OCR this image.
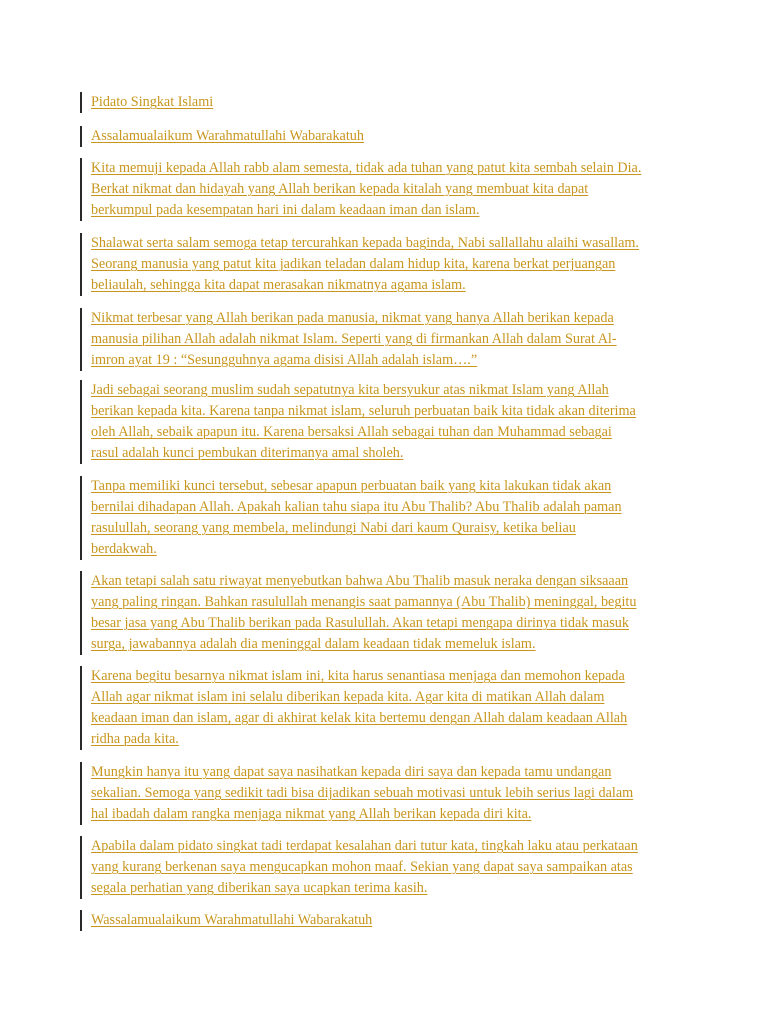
Pidato Singkat Islami
Assalamualaikum Warahmatullahi Wabarakatuh
Kita memuji kepada Allah rabb alam semesta, tidak ada tuhan yang patut kita sembah selain Dia.
Berkat nikmat dan hidayah yang Allah berikan kepada kitalah yang membuat kita dapat
berkumpul pada kesempatan hari ini dalam keadaan iman dan islam.
Shalawat serta salam semoga tetap tercurahkan kepada baginda, Nabi sallallahu alaihi wasallam.
Seorang manusia yang patut kita jadikan teladan dalam hidup kita, karena berkat perjuangan
beliaulah, sehingga kita dapat merasakan nikmatnya agama islam.
Nikmat terbesar yang Allah berikan pada manusia, nikmat yang hanya Allah berikan kepada
manusia pilihan Allah adalah nikmat Islam. Seperti yang di firmankan Allah dalam Surat Al-
imron ayat 19 : “Sesungguhnya agama disisi Allah adalah islam….”
Jadi sebagai seorang muslim sudah sepatutnya kita bersyukur atas nikmat Islam yang Allah
berikan kepada kita. Karena tanpa nikmat islam, seluruh perbuatan baik kita tidak akan diterima
oleh Allah, sebaik apapun itu. Karena bersaksi Allah sebagai tuhan dan Muhammad sebagai
rasul adalah kunci pembukan diterimanya amal sholeh.
Tanpa memiliki kunci tersebut, sebesar apapun perbuatan baik yang kita lakukan tidak akan
bernilai dihadapan Allah. Apakah kalian tahu siapa itu Abu Thalib? Abu Thalib adalah paman
rasulullah, seorang yang membela, melindungi Nabi dari kaum Quraisy, ketika beliau
berdakwah.
Akan tetapi salah satu riwayat menyebutkan bahwa Abu Thalib masuk neraka dengan siksaaan
yang paling ringan. Bahkan rasulullah menangis saat pamannya (Abu Thalib) meninggal, begitu
besar jasa yang Abu Thalib berikan pada Rasulullah. Akan tetapi mengapa dirinya tidak masuk
surga, jawabannya adalah dia meninggal dalam keadaan tidak memeluk islam.
Karena begitu besarnya nikmat islam ini, kita harus senantiasa menjaga dan memohon kepada
Allah agar nikmat islam ini selalu diberikan kepada kita. Agar kita di matikan Allah dalam
keadaan iman dan islam, agar di akhirat kelak kita bertemu dengan Allah dalam keadaan Allah
ridha pada kita.
Mungkin hanya itu yang dapat saya nasihatkan kepada diri saya dan kepada tamu undangan
sekalian. Semoga yang sedikit tadi bisa dijadikan sebuah motivasi untuk lebih serius lagi dalam
hal ibadah dalam rangka menjaga nikmat yang Allah berikan kepada diri kita.
Apabila dalam pidato singkat tadi terdapat kesalahan dari tutur kata, tingkah laku atau perkataan
yang kurang berkenan saya mengucapkan mohon maaf. Sekian yang dapat saya sampaikan atas
segala perhatian yang diberikan saya ucapkan terima kasih.
Wassalamualaikum Warahmatullahi Wabarakatuh
